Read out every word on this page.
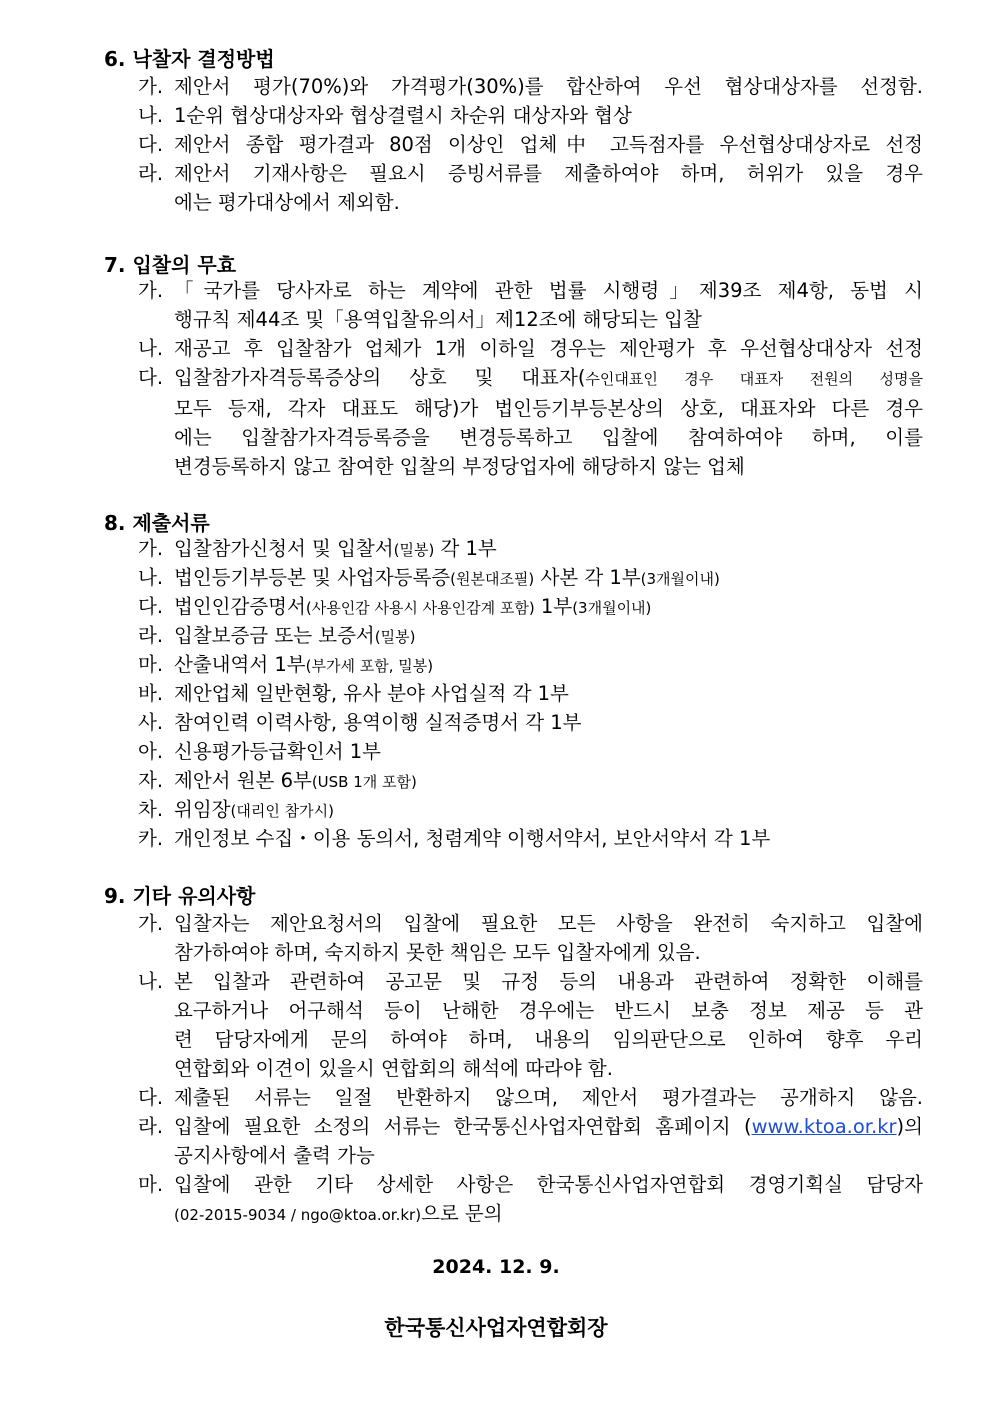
6. 낙찰자 결정방법
가. 제안서 평가(70%)와 가격평가(30%)를 합산하여 우선 협상대상자를 선정함.
나. 1순위 협상대상자와 협상결렬시 차순위 대상자와 협상
다. 제안서 종합 평가결과 80점 이상인 업체中 고득점자를 우선협상대상자로 선정
라. 제안서 기재사항은 필요시 증빙서류를 제출하여야 하며, 허위가 있을 경우
에는 평가대상에서 제외함.
7. 입찰의 무효
가. 「국가를 당사자로 하는 계약에 관한 법률 시행령」제39조 제4항, 동법 시
행규칙 제44조 및「용역입찰유의서」제12조에 해당되는 입찰
나. 재공고 후 입찰참가 업체가 1개 이하일 경우는 제안평가 후 우선협상대상자 선정
다. 입찰참가자격등록증상의 상호 및 대표자(수인대표인 경우 대표자 전원의 성명을
모두 등재, 각자 대표도 해당)가 법인등기부등본상의 상호, 대표자와 다른 경우
에는 입찰참가자격등록증을 변경등록하고 입찰에 참여하여야 하며, 이를
변경등록하지 않고 참여한 입찰의 부정당업자에 해당하지 않는 업체
8. 제출서류
가. 입찰참가신청서 및 입찰서(밀봉) 각 1부
나. 법인등기부등본 및 사업자등록증(원본대조필) 사본 각 1부(3개월이내)
다. 법인인감증명서(사용인감 사용시 사용인감계 포함) 1부(3개월이내)
라. 입찰보증금 또는 보증서(밀봉)
마. 산출내역서 1부(부가세 포함, 밀봉)
바. 제안업체 일반현황, 유사 분야 사업실적 각 1부
사. 참여인력 이력사항, 용역이행 실적증명서 각 1부
아. 신용평가등급확인서 1부
자. 제안서 원본 6부(USB 1개 포함)
차. 위임장(대리인 참가시)
카. 개인정보 수집・이용 동의서, 청렴계약 이행서약서, 보안서약서 각 1부
9. 기타 유의사항
가. 입찰자는 제안요청서의 입찰에 필요한 모든 사항을 완전히 숙지하고 입찰에
참가하여야 하며, 숙지하지 못한 책임은 모두 입찰자에게 있음.
나. 본 입찰과 관련하여 공고문 및 규정 등의 내용과 관련하여 정확한 이해를
요구하거나 어구해석 등이 난해한 경우에는 반드시 보충 정보 제공 등 관
련 담당자에게 문의 하여야 하며, 내용의 임의판단으로 인하여 향후 우리
연합회와 이견이 있을시 연합회의 해석에 따라야 함.
다. 제출된 서류는 일절 반환하지 않으며, 제안서 평가결과는 공개하지 않음.
라. 입찰에 필요한 소정의 서류는 한국통신사업자연합회 홈페이지 (www.ktoa.or.kr)의
공지사항에서 출력 가능
마. 입찰에 관한 기타 상세한 사항은 한국통신사업자연합회 경영기획실 담당자
(02-2015-9034 / ngo@ktoa.or.kr)으로 문의
2024. 12. 9.
한국통신사업자연합회장
